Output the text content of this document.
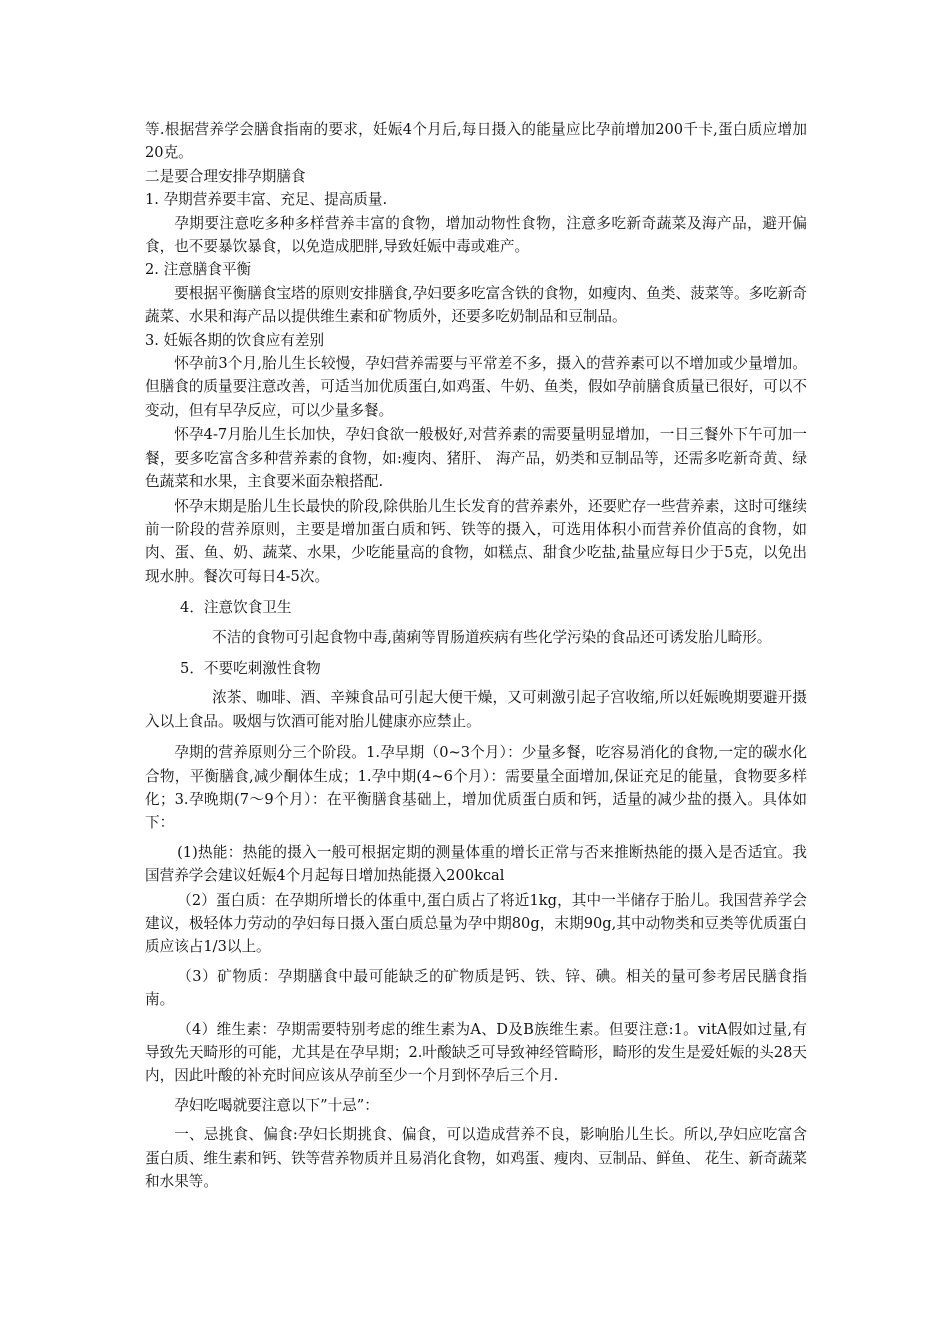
等.根据营养学会膳食指南的要求，妊娠4个月后,每日摄入的能量应比孕前增加200千卡,蛋白质应增加20克。

二是要合理安排孕期膳食

1. 孕期营养要丰富、充足、提高质量.

孕期要注意吃多种多样营养丰富的食物，增加动物性食物，注意多吃新奇蔬菜及海产品，避开偏食，也不要暴饮暴食，以免造成肥胖,导致妊娠中毒或难产。

2. 注意膳食平衡

要根据平衡膳食宝塔的原则安排膳食,孕妇要多吃富含铁的食物，如瘦肉、鱼类、菠菜等。多吃新奇蔬菜、水果和海产品以提供维生素和矿物质外，还要多吃奶制品和豆制品。

3. 妊娠各期的饮食应有差别

怀孕前3个月,胎儿生长较慢，孕妇营养需要与平常差不多，摄入的营养素可以不增加或少量增加。但膳食的质量要注意改善，可适当加优质蛋白,如鸡蛋、牛奶、鱼类，假如孕前膳食质量已很好，可以不变动，但有早孕反应，可以少量多餐。

怀孕4-7月胎儿生长加快，孕妇食欲一般极好,对营养素的需要量明显增加，一日三餐外下午可加一餐，要多吃富含多种营养素的食物，如:瘦肉、猪肝、 海产品，奶类和豆制品等，还需多吃新奇黄、绿色蔬菜和水果，主食要米面杂粮搭配.

怀孕末期是胎儿生长最快的阶段,除供胎儿生长发育的营养素外，还要贮存一些营养素，这时可继续前一阶段的营养原则，主要是增加蛋白质和钙、铁等的摄入，可选用体积小而营养价值高的食物，如肉、蛋、鱼、奶、蔬菜、水果，少吃能量高的食物，如糕点、甜食少吃盐,盐量应每日少于5克，以免出现水肿。餐次可每日4-5次。

4．注意饮食卫生

不洁的食物可引起食物中毒,菌痢等胃肠道疾病有些化学污染的食品还可诱发胎儿畸形。

5．不要吃刺激性食物

浓茶、咖啡、酒、辛辣食品可引起大便干燥，又可刺激引起子宫收缩,所以妊娠晚期要避开摄入以上食品。吸烟与饮酒可能对胎儿健康亦应禁止。

孕期的营养原则分三个阶段。1.孕早期（0~3个月）：少量多餐，吃容易消化的食物,一定的碳水化合物，平衡膳食,减少酮体生成；1.孕中期(4~6个月）：需要量全面增加,保证充足的能量，食物要多样化；3.孕晚期(7～9个月）：在平衡膳食基础上，增加优质蛋白质和钙，适量的减少盐的摄入。具体如下：

(1)热能：热能的摄入一般可根据定期的测量体重的增长正常与否来推断热能的摄入是否适宜。我国营养学会建议妊娠4个月起每日增加热能摄入200kcal

（2）蛋白质：在孕期所增长的体重中,蛋白质占了将近1kg，其中一半储存于胎儿。我国营养学会建议，极轻体力劳动的孕妇每日摄入蛋白质总量为孕中期80g，末期90g,其中动物类和豆类等优质蛋白质应该占1/3以上。

（3）矿物质：孕期膳食中最可能缺乏的矿物质是钙、铁、锌、碘。相关的量可参考居民膳食指南。

（4）维生素：孕期需要特别考虑的维生素为A、D及B族维生素。但要注意:1。vitA假如过量,有导致先天畸形的可能，尤其是在孕早期；2.叶酸缺乏可导致神经管畸形，畸形的发生是爱妊娠的头28天内，因此叶酸的补充时间应该从孕前至少一个月到怀孕后三个月.

孕妇吃喝就要注意以下”十忌”：

一、忌挑食、偏食:孕妇长期挑食、偏食，可以造成营养不良，影响胎儿生长。所以,孕妇应吃富含蛋白质、维生素和钙、铁等营养物质并且易消化食物，如鸡蛋、瘦肉、豆制品、鲜鱼、 花生、新奇蔬菜和水果等。
